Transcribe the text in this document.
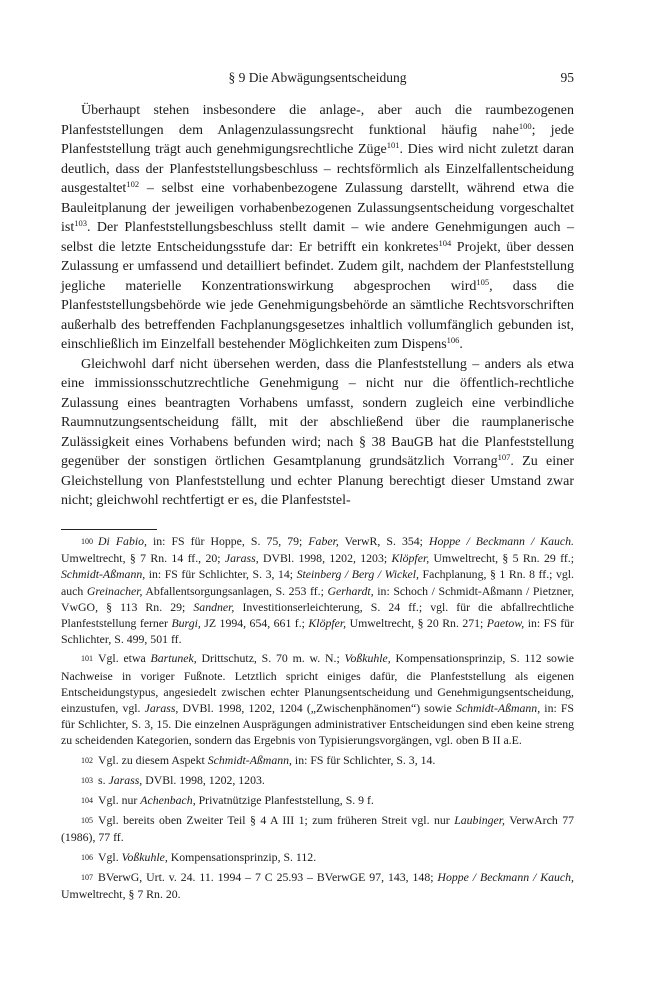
§ 9 Die Abwägungsentscheidung	95

Überhaupt stehen insbesondere die anlage-, aber auch die raumbezogenen Planfeststellungen dem Anlagenzulassungsrecht funktional häufig nahe$^{100}$; jede Planfeststellung trägt auch genehmigungsrechtliche Züge$^{101}$. Dies wird nicht zuletzt daran deutlich, dass der Planfeststellungsbeschluss – rechtsförmlich als Einzelfallentscheidung ausgestaltet$^{102}$ – selbst eine vorhabenbezogene Zulassung darstellt, während etwa die Bauleitplanung der jeweiligen vorhabenbezogenen Zulassungsentscheidung vorgeschaltet ist$^{103}$. Der Planfeststellungsbeschluss stellt damit – wie andere Genehmigungen auch – selbst die letzte Entscheidungsstufe dar: Er betrifft ein konkretes$^{104}$ Projekt, über dessen Zulassung er umfassend und detailliert befindet. Zudem gilt, nachdem der Planfeststellung jegliche materielle Konzentrationswirkung abgesprochen wird$^{105}$, dass die Planfeststellungsbehörde wie jede Genehmigungsbehörde an sämtliche Rechtsvorschriften außerhalb des betreffenden Fachplanungsgesetzes inhaltlich vollumfänglich gebunden ist, einschließlich im Einzelfall bestehender Möglichkeiten zum Dispens$^{106}$.

Gleichwohl darf nicht übersehen werden, dass die Planfeststellung – anders als etwa eine immissionsschutzrechtliche Genehmigung – nicht nur die öffentlich-rechtliche Zulassung eines beantragten Vorhabens umfasst, sondern zugleich eine verbindliche Raumnutzungsentscheidung fällt, mit der abschließend über die raumplanerische Zulässigkeit eines Vorhabens befunden wird; nach § 38 BauGB hat die Planfeststellung gegenüber der sonstigen örtlichen Gesamtplanung grundsätzlich Vorrang$^{107}$. Zu einer Gleichstellung von Planfeststellung und echter Planung berechtigt dieser Umstand zwar nicht; gleichwohl rechtfertigt er es, die Planfeststel-

100 Di Fabio, in: FS für Hoppe, S. 75, 79; Faber, VerwR, S. 354; Hoppe / Beckmann / Kauch. Umweltrecht, § 7 Rn. 14 ff., 20; Jarass, DVBl. 1998, 1202, 1203; Klöpfer, Umweltrecht, § 5 Rn. 29 ff.; Schmidt-Aßmann, in: FS für Schlichter, S. 3, 14; Steinberg / Berg / Wickel, Fachplanung, § 1 Rn. 8 ff.; vgl. auch Greinacher, Abfallentsorgungsanlagen, S. 253 ff.; Gerhardt, in: Schoch / Schmidt-Aßmann / Pietzner, VwGO, § 113 Rn. 29; Sandner, Investitionserleichterung, S. 24 ff.; vgl. für die abfallrechtliche Planfeststellung ferner Burgi, JZ 1994, 654, 661 f.; Klöpfer, Umweltrecht, § 20 Rn. 271; Paetow, in: FS für Schlichter, S. 499, 501 ff.

101 Vgl. etwa Bartunek, Drittschutz, S. 70 m. w. N.; Voßkuhle, Kompensationsprinzip, S. 112 sowie Nachweise in voriger Fußnote. Letztlich spricht einiges dafür, die Planfeststellung als eigenen Entscheidungstypus, angesiedelt zwischen echter Planungsentscheidung und Genehmigungsentscheidung, einzustufen, vgl. Jarass, DVBl. 1998, 1202, 1204 („Zwischenphänomen“) sowie Schmidt-Aßmann, in: FS für Schlichter, S. 3, 15. Die einzelnen Ausprägungen administrativer Entscheidungen sind eben keine streng zu scheidenden Kategorien, sondern das Ergebnis von Typisierungsvorgängen, vgl. oben B II a.E.

102 Vgl. zu diesem Aspekt Schmidt-Aßmann, in: FS für Schlichter, S. 3, 14.

103 s. Jarass, DVBl. 1998, 1202, 1203.

104 Vgl. nur Achenbach, Privatnützige Planfeststellung, S. 9 f.

105 Vgl. bereits oben Zweiter Teil § 4 A III 1; zum früheren Streit vgl. nur Laubinger, VerwArch 77 (1986), 77 ff.

106 Vgl. Voßkuhle, Kompensationsprinzip, S. 112.

107 BVerwG, Urt. v. 24. 11. 1994 – 7 C 25.93 – BVerwGE 97, 143, 148; Hoppe / Beckmann / Kauch, Umweltrecht, § 7 Rn. 20.
